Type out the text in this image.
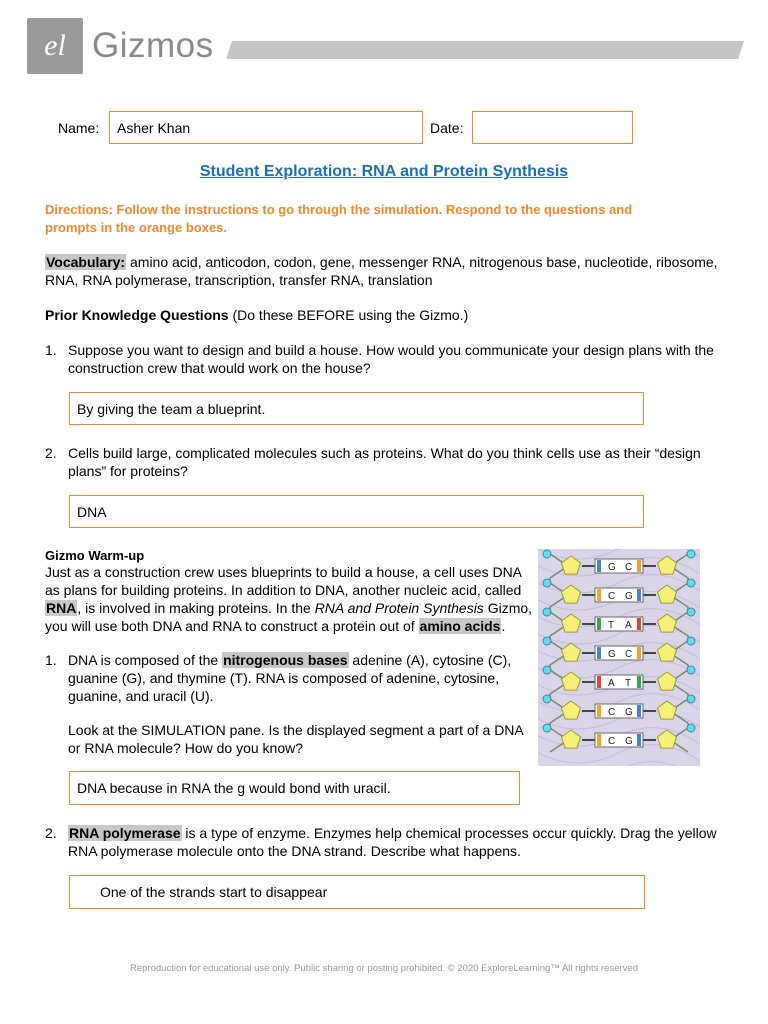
el Gizmos
Name: Asher Khan	Date:
Student Exploration: RNA and Protein Synthesis
Directions: Follow the instructions to go through the simulation. Respond to the questions and prompts in the orange boxes.
Vocabulary: amino acid, anticodon, codon, gene, messenger RNA, nitrogenous base, nucleotide, ribosome, RNA, RNA polymerase, transcription, transfer RNA, translation
Prior Knowledge Questions (Do these BEFORE using the Gizmo.)
1. Suppose you want to design and build a house. How would you communicate your design plans with the
construction crew that would work on the house?
By giving the team a blueprint.
2. Cells build large, complicated molecules such as proteins. What do you think cells use as their “design
plans” for proteins?
DNA
Gizmo Warm-up
Just as a construction crew uses blueprints to build a house, a cell uses DNA
as plans for building proteins. In addition to DNA, another nucleic acid, called
RNA, is involved in making proteins. In the RNA and Protein Synthesis Gizmo,
you will use both DNA and RNA to construct a protein out of amino acids.
G C
C G
T A
G C
A T
C G
C G
1. DNA is composed of the nitrogenous bases adenine (A), cytosine (C),
guanine (G), and thymine (T). RNA is composed of adenine, cytosine,
guanine, and uracil (U).
Look at the SIMULATION pane. Is the displayed segment a part of a DNA
or RNA molecule? How do you know?
DNA because in RNA the g would bond with uracil.
2. RNA polymerase is a type of enzyme. Enzymes help chemical processes occur quickly. Drag the yellow
RNA polymerase molecule onto the DNA strand. Describe what happens.
One of the strands start to disappear
Reproduction for educational use only. Public sharing or posting prohibited. © 2020 ExploreLearning™ All rights reserved
